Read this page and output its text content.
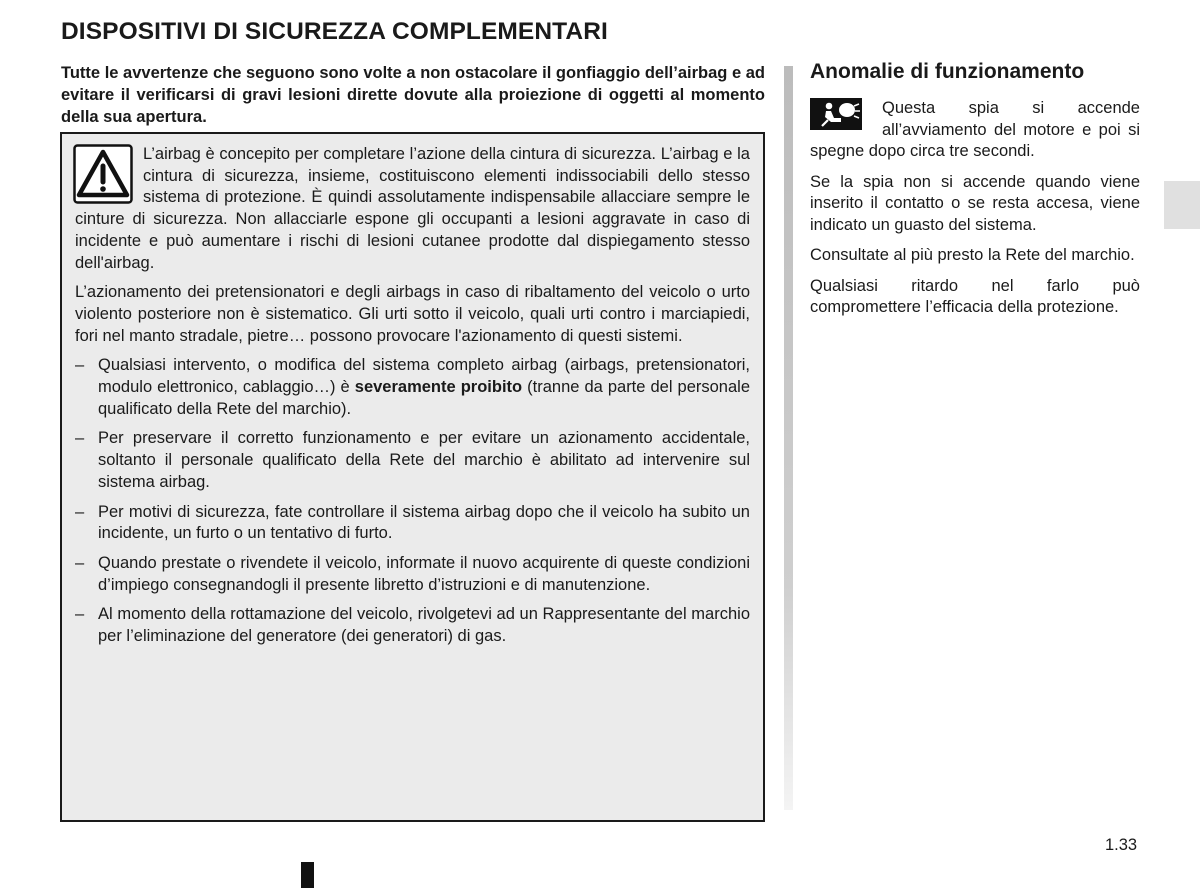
DISPOSITIVI DI SICUREZZA COMPLEMENTARI

Tutte le avvertenze che seguono sono volte a non ostacolare il gonfiaggio dell’airbag e ad evitare il verificarsi di gravi lesioni dirette dovute alla proiezione di oggetti al momento della sua apertura.

L’airbag è concepito per completare l’azione della cintura di sicurezza. L’airbag e la cintura di sicurezza, insieme, costituiscono elementi indissociabili dello stesso sistema di protezione. È quindi assolutamente indispensabile allacciare sempre le cinture di sicurezza. Non allacciarle espone gli occupanti a lesioni aggravate in caso di incidente e può aumentare i rischi di lesioni cutanee prodotte dal dispiegamento stesso dell'airbag.

L’azionamento dei pretensionatori e degli airbags in caso di ribaltamento del veicolo o urto violento posteriore non è sistematico. Gli urti sotto il veicolo, quali urti contro i marciapiedi, fori nel manto stradale, pietre… possono provocare l'azionamento di questi sistemi.

– Qualsiasi intervento, o modifica del sistema completo airbag (airbags, pretensionatori, modulo elettronico, cablaggio…) è severamente proibito (tranne da parte del personale qualificato della Rete del marchio).
– Per preservare il corretto funzionamento e per evitare un azionamento accidentale, soltanto il personale qualificato della Rete del marchio è abilitato ad intervenire sul sistema airbag.
– Per motivi di sicurezza, fate controllare il sistema airbag dopo che il veicolo ha subito un incidente, un furto o un tentativo di furto.
– Quando prestate o rivendete il veicolo, informate il nuovo acquirente di queste condizioni d’impiego consegnandogli il presente libretto d’istruzioni e di manutenzione.
– Al momento della rottamazione del veicolo, rivolgetevi ad un Rappresentante del marchio per l’eliminazione del generatore (dei generatori) di gas.
Anomalie di funzionamento

Questa spia si accende all’avviamento del motore e poi si spegne dopo circa tre secondi.

Se la spia non si accende quando viene inserito il contatto o se resta accesa, viene indicato un guasto del sistema.

Consultate al più presto la Rete del marchio.

Qualsiasi ritardo nel farlo può compromettere l’efficacia della protezione.

1.33
